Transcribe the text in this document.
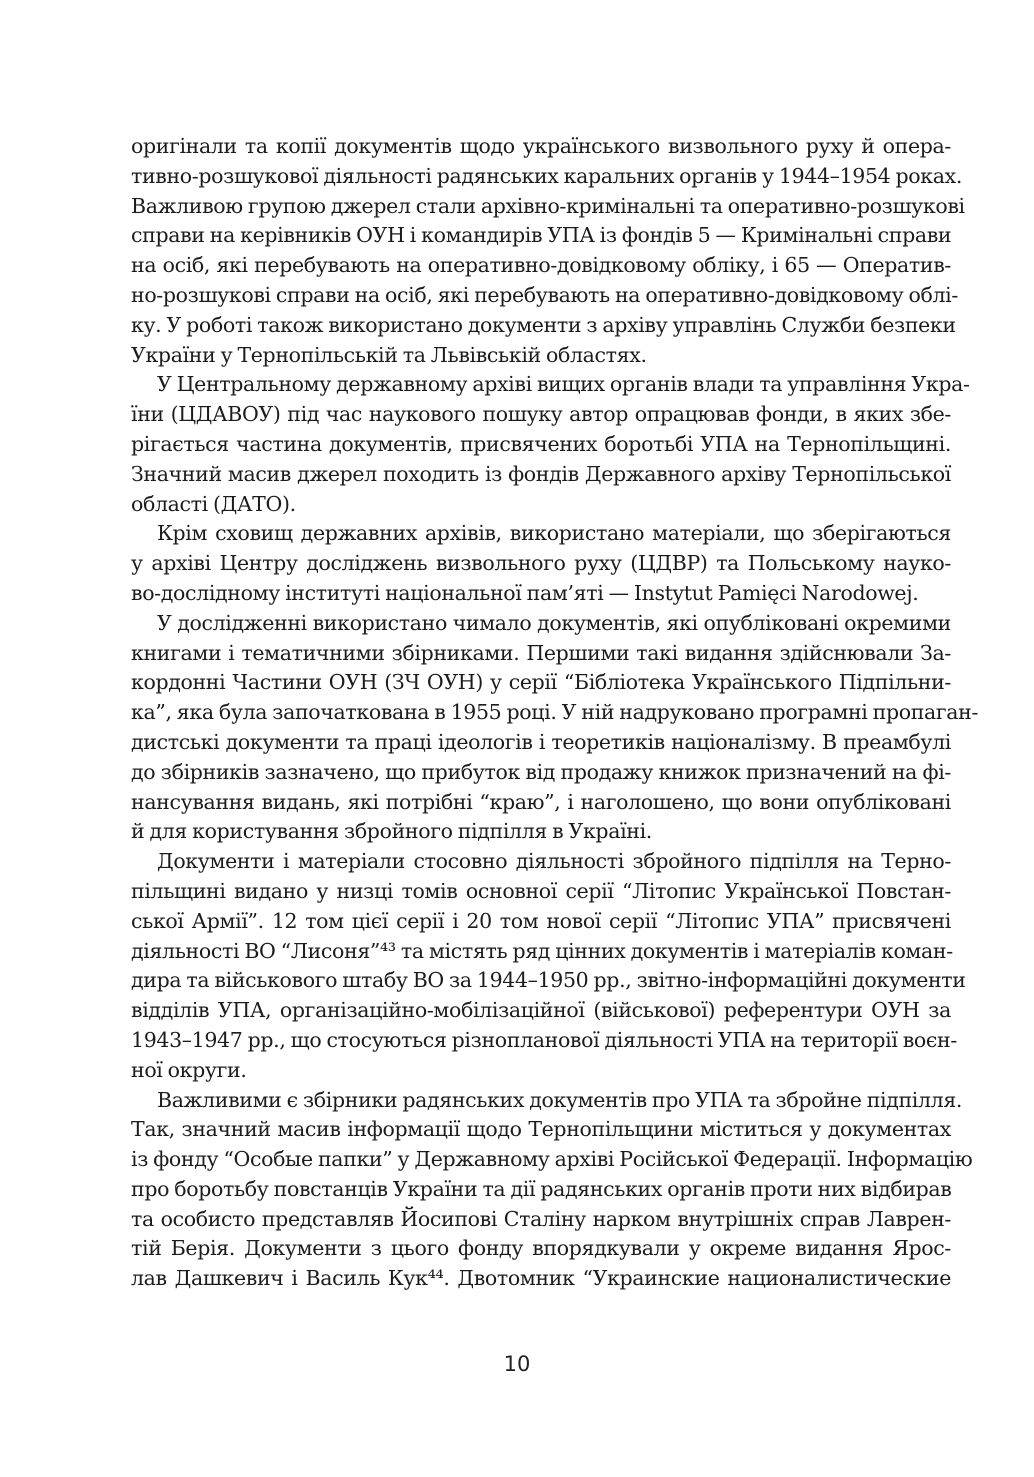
оригінали та копії документів щодо українського визвольного руху й опера-
тивно-розшукової діяльності радянських каральних органів у 1944–1954 роках.
Важливою групою джерел стали архівно-кримінальні та оперативно-розшукові
справи на керівників ОУН і командирів УПА із фондів 5 — Кримінальні справи
на осіб, які перебувають на оперативно-довідковому обліку, і 65 — Оператив-
но-розшукові справи на осіб, які перебувають на оперативно-довідковому облі-
ку. У роботі також використано документи з архіву управлінь Служби безпеки
України у Тернопільській та Львівській областях.
У Центральному державному архіві вищих органів влади та управління Укра-
їни (ЦДАВОУ) під час наукового пошуку автор опрацював фонди, в яких збе-
рігається частина документів, присвячених боротьбі УПА на Тернопільщині.
Значний масив джерел походить із фондів Державного архіву Тернопільської
області (ДАТО).
Крім сховищ державних архівів, використано матеріали, що зберігаються
у архіві Центру досліджень визвольного руху (ЦДВР) та Польському науко-
во-дослідному інституті національної пам’яті — Instytut Pamięci Narodowej.
У дослідженні використано чимало документів, які опубліковані окремими
книгами і тематичними збірниками. Першими такі видання здійснювали За-
кордонні Частини ОУН (ЗЧ ОУН) у серії “Бібліотека Українського Підпільни-
ка”, яка була започаткована в 1955 році. У ній надруковано програмні пропаган-
дистські документи та праці ідеологів і теоретиків націоналізму. В преамбулі
до збірників зазначено, що прибуток від продажу книжок призначений на фі-
нансування видань, які потрібні “краю”, і наголошено, що вони опубліковані
й для користування збройного підпілля в Україні.
Документи і матеріали стосовно діяльності збройного підпілля на Терно-
пільщині видано у низці томів основної серії “Літопис Української Повстан-
ської Армії”. 12 том цієї серії і 20 том нової серії “Літопис УПА” присвячені
діяльності ВО “Лисоня”⁴³ та містять ряд цінних документів і матеріалів коман-
дира та військового штабу ВО за 1944–1950 рр., звітно-інформаційні документи
відділів УПА, організаційно-мобілізаційної (військової) референтури ОУН за
1943–1947 рр., що стосуються різнопланової діяльності УПА на території воєн-
ної округи.
Важливими є збірники радянських документів про УПА та збройне підпілля.
Так, значний масив інформації щодо Тернопільщини міститься у документах
із фонду “Особые папки” у Державному архіві Російської Федерації. Інформацію
про боротьбу повстанців України та дії радянських органів проти них відбирав
та особисто представляв Йосипові Сталіну нарком внутрішніх справ Лаврен-
тій Берія. Документи з цього фонду впорядкували у окреме видання Ярос-
лав Дашкевич і Василь Кук⁴⁴. Двотомник “Украинские националистические
10
